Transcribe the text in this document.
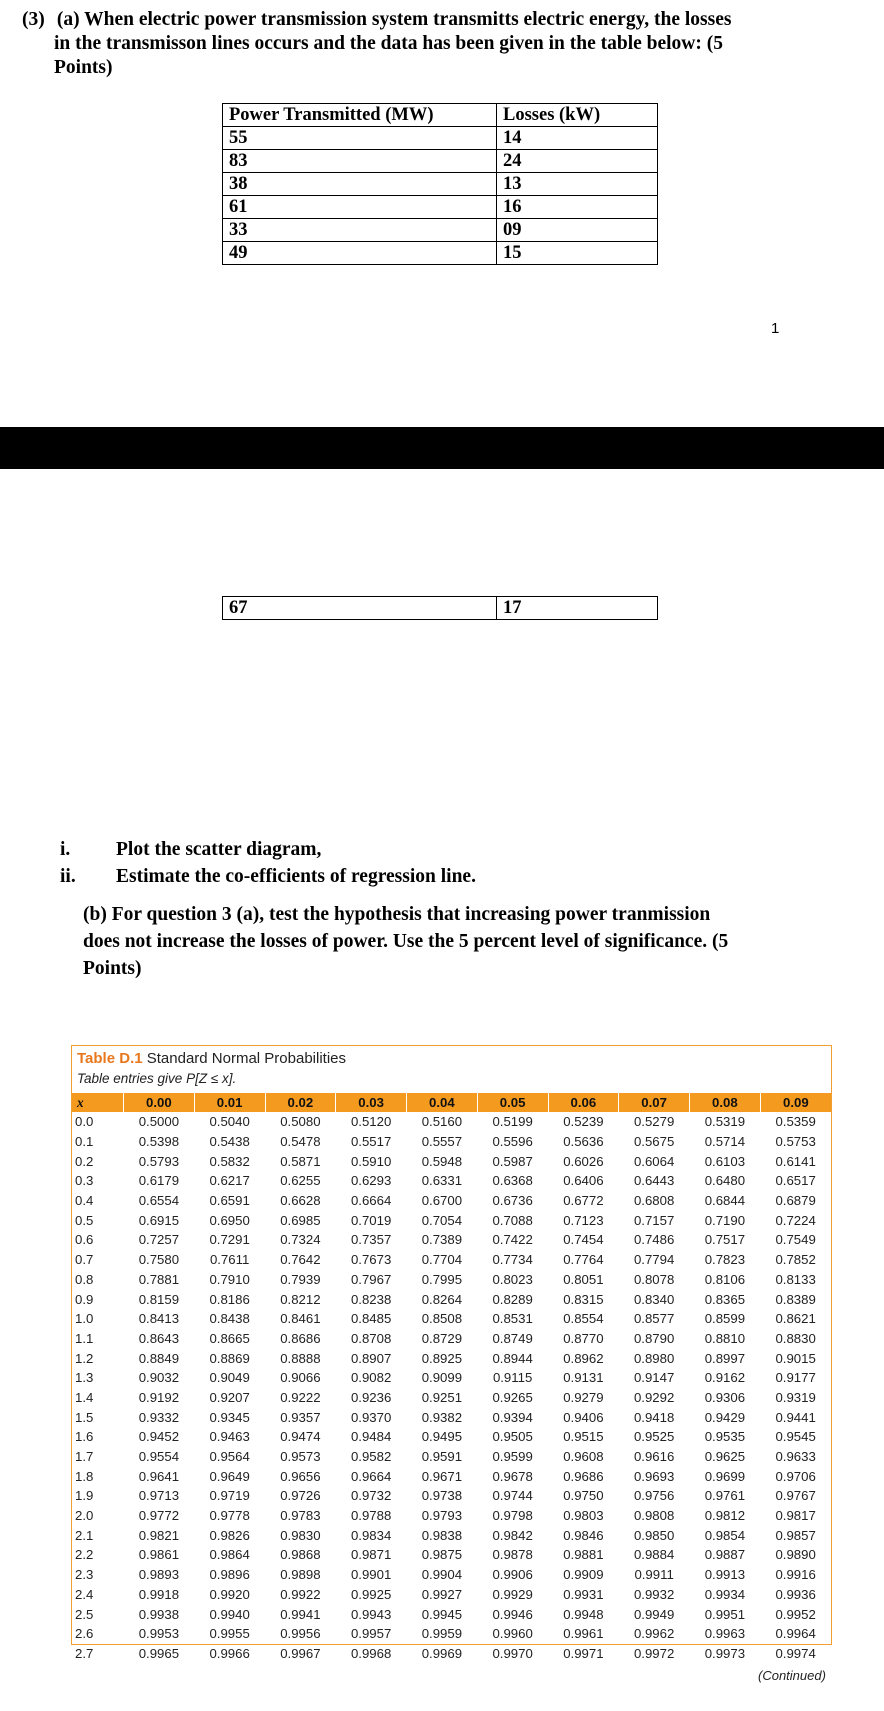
(3) (a) When electric power transmission system transmitts electric energy, the losses
in the transmisson lines occurs and the data has been given in the table below: (5
Points)
Power Transmitted (MW)	Losses (kW)
55	14
83	24
38	13
61	16
33	09
49	15
1
67	17
i. Plot the scatter diagram,
ii. Estimate the co-efficients of regression line.
(b) For question 3 (a), test the hypothesis that increasing power tranmission
does not increase the losses of power. Use the 5 percent level of significance. (5
Points)
Table D.1 Standard Normal Probabilities
Table entries give P[Z ≤ x].
x	0.00	0.01	0.02	0.03	0.04	0.05	0.06	0.07	0.08	0.09
0.0	0.5000	0.5040	0.5080	0.5120	0.5160	0.5199	0.5239	0.5279	0.5319	0.5359
0.1	0.5398	0.5438	0.5478	0.5517	0.5557	0.5596	0.5636	0.5675	0.5714	0.5753
0.2	0.5793	0.5832	0.5871	0.5910	0.5948	0.5987	0.6026	0.6064	0.6103	0.6141
0.3	0.6179	0.6217	0.6255	0.6293	0.6331	0.6368	0.6406	0.6443	0.6480	0.6517
0.4	0.6554	0.6591	0.6628	0.6664	0.6700	0.6736	0.6772	0.6808	0.6844	0.6879
0.5	0.6915	0.6950	0.6985	0.7019	0.7054	0.7088	0.7123	0.7157	0.7190	0.7224
0.6	0.7257	0.7291	0.7324	0.7357	0.7389	0.7422	0.7454	0.7486	0.7517	0.7549
0.7	0.7580	0.7611	0.7642	0.7673	0.7704	0.7734	0.7764	0.7794	0.7823	0.7852
0.8	0.7881	0.7910	0.7939	0.7967	0.7995	0.8023	0.8051	0.8078	0.8106	0.8133
0.9	0.8159	0.8186	0.8212	0.8238	0.8264	0.8289	0.8315	0.8340	0.8365	0.8389
1.0	0.8413	0.8438	0.8461	0.8485	0.8508	0.8531	0.8554	0.8577	0.8599	0.8621
1.1	0.8643	0.8665	0.8686	0.8708	0.8729	0.8749	0.8770	0.8790	0.8810	0.8830
1.2	0.8849	0.8869	0.8888	0.8907	0.8925	0.8944	0.8962	0.8980	0.8997	0.9015
1.3	0.9032	0.9049	0.9066	0.9082	0.9099	0.9115	0.9131	0.9147	0.9162	0.9177
1.4	0.9192	0.9207	0.9222	0.9236	0.9251	0.9265	0.9279	0.9292	0.9306	0.9319
1.5	0.9332	0.9345	0.9357	0.9370	0.9382	0.9394	0.9406	0.9418	0.9429	0.9441
1.6	0.9452	0.9463	0.9474	0.9484	0.9495	0.9505	0.9515	0.9525	0.9535	0.9545
1.7	0.9554	0.9564	0.9573	0.9582	0.9591	0.9599	0.9608	0.9616	0.9625	0.9633
1.8	0.9641	0.9649	0.9656	0.9664	0.9671	0.9678	0.9686	0.9693	0.9699	0.9706
1.9	0.9713	0.9719	0.9726	0.9732	0.9738	0.9744	0.9750	0.9756	0.9761	0.9767
2.0	0.9772	0.9778	0.9783	0.9788	0.9793	0.9798	0.9803	0.9808	0.9812	0.9817
2.1	0.9821	0.9826	0.9830	0.9834	0.9838	0.9842	0.9846	0.9850	0.9854	0.9857
2.2	0.9861	0.9864	0.9868	0.9871	0.9875	0.9878	0.9881	0.9884	0.9887	0.9890
2.3	0.9893	0.9896	0.9898	0.9901	0.9904	0.9906	0.9909	0.9911	0.9913	0.9916
2.4	0.9918	0.9920	0.9922	0.9925	0.9927	0.9929	0.9931	0.9932	0.9934	0.9936
2.5	0.9938	0.9940	0.9941	0.9943	0.9945	0.9946	0.9948	0.9949	0.9951	0.9952
2.6	0.9953	0.9955	0.9956	0.9957	0.9959	0.9960	0.9961	0.9962	0.9963	0.9964
2.7	0.9965	0.9966	0.9967	0.9968	0.9969	0.9970	0.9971	0.9972	0.9973	0.9974
(Continued)
